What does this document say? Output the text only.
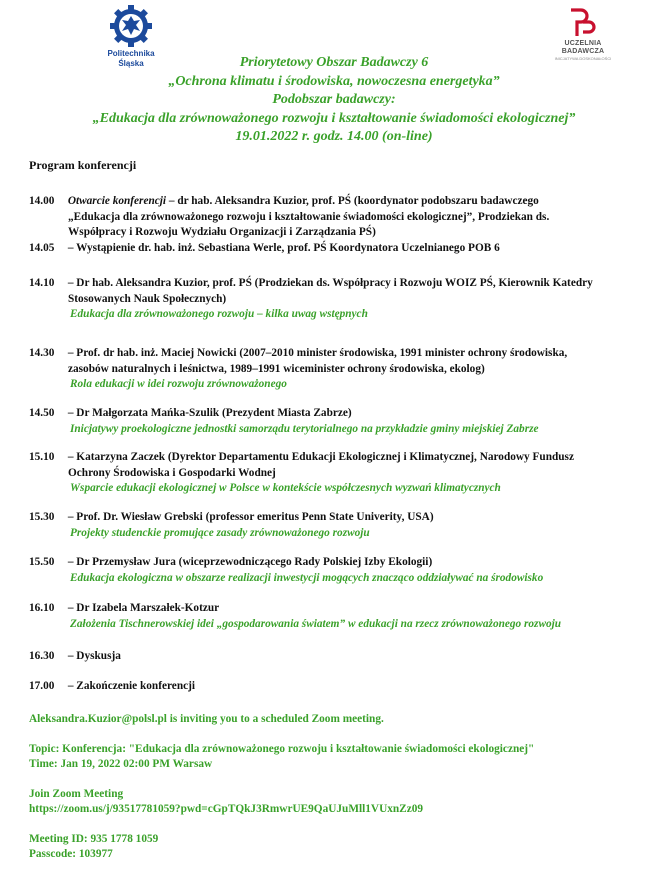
Politechnika
Śląska
UCZELNIA
BADAWCZA
INICJATYWA DOSKONAŁOŚCI
Priorytetowy Obszar Badawczy 6
„Ochrona klimatu i środowiska, nowoczesna energetyka”
Podobszar badawczy:
„Edukacja dla zrównoważonego rozwoju i kształtowanie świadomości ekologicznej”
19.01.2022 r. godz. 14.00 (on-line)
Program konferencji
14.00 Otwarcie konferencji – dr hab. Aleksandra Kuzior, prof. PŚ (koordynator podobszaru badawczego
„Edukacja dla zrównoważonego rozwoju i kształtowanie świadomości ekologicznej”, Prodziekan ds.
Współpracy i Rozwoju Wydziału Organizacji i Zarządzania PŚ)
14.05 – Wystąpienie dr. hab. inż. Sebastiana Werle, prof. PŚ Koordynatora Uczelnianego POB 6
14.10 – Dr hab. Aleksandra Kuzior, prof. PŚ (Prodziekan ds. Współpracy i Rozwoju WOIZ PŚ, Kierownik Katedry
Stosowanych Nauk Społecznych)
Edukacja dla zrównoważonego rozwoju – kilka uwag wstępnych
14.30 – Prof. dr hab. inż. Maciej Nowicki (2007–2010 minister środowiska, 1991 minister ochrony środowiska,
zasobów naturalnych i leśnictwa, 1989–1991 wiceminister ochrony środowiska, ekolog)
Rola edukacji w idei rozwoju zrównoważonego
14.50 – Dr Małgorzata Mańka-Szulik (Prezydent Miasta Zabrze)
Inicjatywy proekologiczne jednostki samorządu terytorialnego na przykładzie gminy miejskiej Zabrze
15.10 – Katarzyna Zaczek (Dyrektor Departamentu Edukacji Ekologicznej i Klimatycznej, Narodowy Fundusz
Ochrony Środowiska i Gospodarki Wodnej
Wsparcie edukacji ekologicznej w Polsce w kontekście współczesnych wyzwań klimatycznych
15.30 – Prof. Dr. Wiesław Grebski (professor emeritus Penn State Univerity, USA)
Projekty studenckie promujące zasady zrównoważonego rozwoju
15.50 – Dr Przemysław Jura (wiceprzewodniczącego Rady Polskiej Izby Ekologii)
Edukacja ekologiczna w obszarze realizacji inwestycji mogących znacząco oddziaływać na środowisko
16.10 – Dr Izabela Marszałek-Kotzur
Założenia Tischnerowskiej idei „gospodarowania światem” w edukacji na rzecz zrównoważonego rozwoju
16.30 – Dyskusja
17.00 – Zakończenie konferencji
Aleksandra.Kuzior@polsl.pl is inviting you to a scheduled Zoom meeting.
Topic: Konferencja: "Edukacja dla zrównoważonego rozwoju i kształtowanie świadomości ekologicznej"
Time: Jan 19, 2022 02:00 PM Warsaw
Join Zoom Meeting
https://zoom.us/j/93517781059?pwd=cGpTQkJ3RmwrUE9QaUJuMll1VUxnZz09
Meeting ID: 935 1778 1059
Passcode: 103977
